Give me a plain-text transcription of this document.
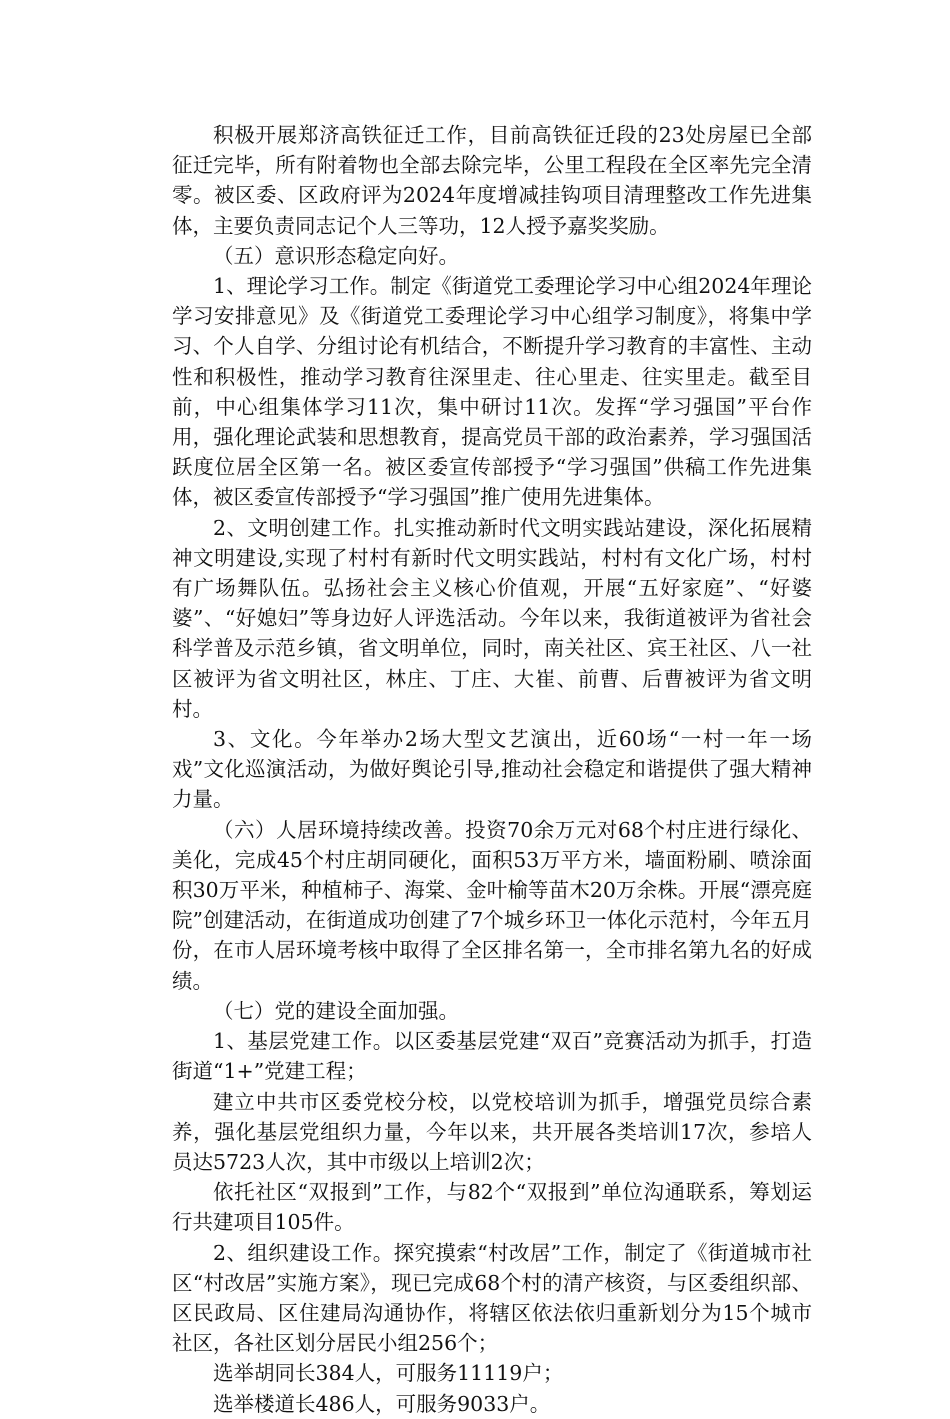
积极开展郑济高铁征迁工作，目前高铁征迁段的23处房屋已全部征迁完毕，所有附着物也全部去除完毕，公里工程段在全区率先完全清零。被区委、区政府评为2024年度增减挂钩项目清理整改工作先进集体，主要负责同志记个人三等功，12人授予嘉奖奖励。

（五）意识形态稳定向好。

1、理论学习工作。制定《街道党工委理论学习中心组2024年理论学习安排意见》及《街道党工委理论学习中心组学习制度》，将集中学习、个人自学、分组讨论有机结合，不断提升学习教育的丰富性、主动性和积极性，推动学习教育往深里走、往心里走、往实里走。截至目前，中心组集体学习11次，集中研讨11次。发挥“学习强国”平台作用，强化理论武装和思想教育，提高党员干部的政治素养，学习强国活跃度位居全区第一名。被区委宣传部授予“学习强国”供稿工作先进集体，被区委宣传部授予“学习强国”推广使用先进集体。

2、文明创建工作。扎实推动新时代文明实践站建设，深化拓展精神文明建设,实现了村村有新时代文明实践站，村村有文化广场，村村有广场舞队伍。弘扬社会主义核心价值观，开展“五好家庭”、“好婆婆”、“好媳妇”等身边好人评选活动。今年以来，我街道被评为省社会科学普及示范乡镇，省文明单位，同时，南关社区、宾王社区、八一社区被评为省文明社区，林庄、丁庄、大崔、前曹、后曹被评为省文明村。

3、文化。今年举办2场大型文艺演出，近60场“一村一年一场戏”文化巡演活动，为做好舆论引导,推动社会稳定和谐提供了强大精神力量。

（六）人居环境持续改善。投资70余万元对68个村庄进行绿化、美化，完成45个村庄胡同硬化，面积53万平方米，墙面粉刷、喷涂面积30万平米，种植柿子、海棠、金叶榆等苗木20万余株。开展“漂亮庭院”创建活动，在街道成功创建了7个城乡环卫一体化示范村，今年五月份，在市人居环境考核中取得了全区排名第一，全市排名第九名的好成绩。

（七）党的建设全面加强。

1、基层党建工作。以区委基层党建“双百”竞赛活动为抓手，打造街道“1+”党建工程；

建立中共市区委党校分校，以党校培训为抓手，增强党员综合素养，强化基层党组织力量，今年以来，共开展各类培训17次，参培人员达5723人次，其中市级以上培训2次；

依托社区“双报到”工作，与82个“双报到”单位沟通联系，筹划运行共建项目105件。

2、组织建设工作。探究摸索“村改居”工作，制定了《街道城市社区“村改居”实施方案》，现已完成68个村的清产核资，与区委组织部、区民政局、区住建局沟通协作，将辖区依法依归重新划分为15个城市社区，各社区划分居民小组256个；

选举胡同长384人，可服务11119户；

选举楼道长486人，可服务9033户。
